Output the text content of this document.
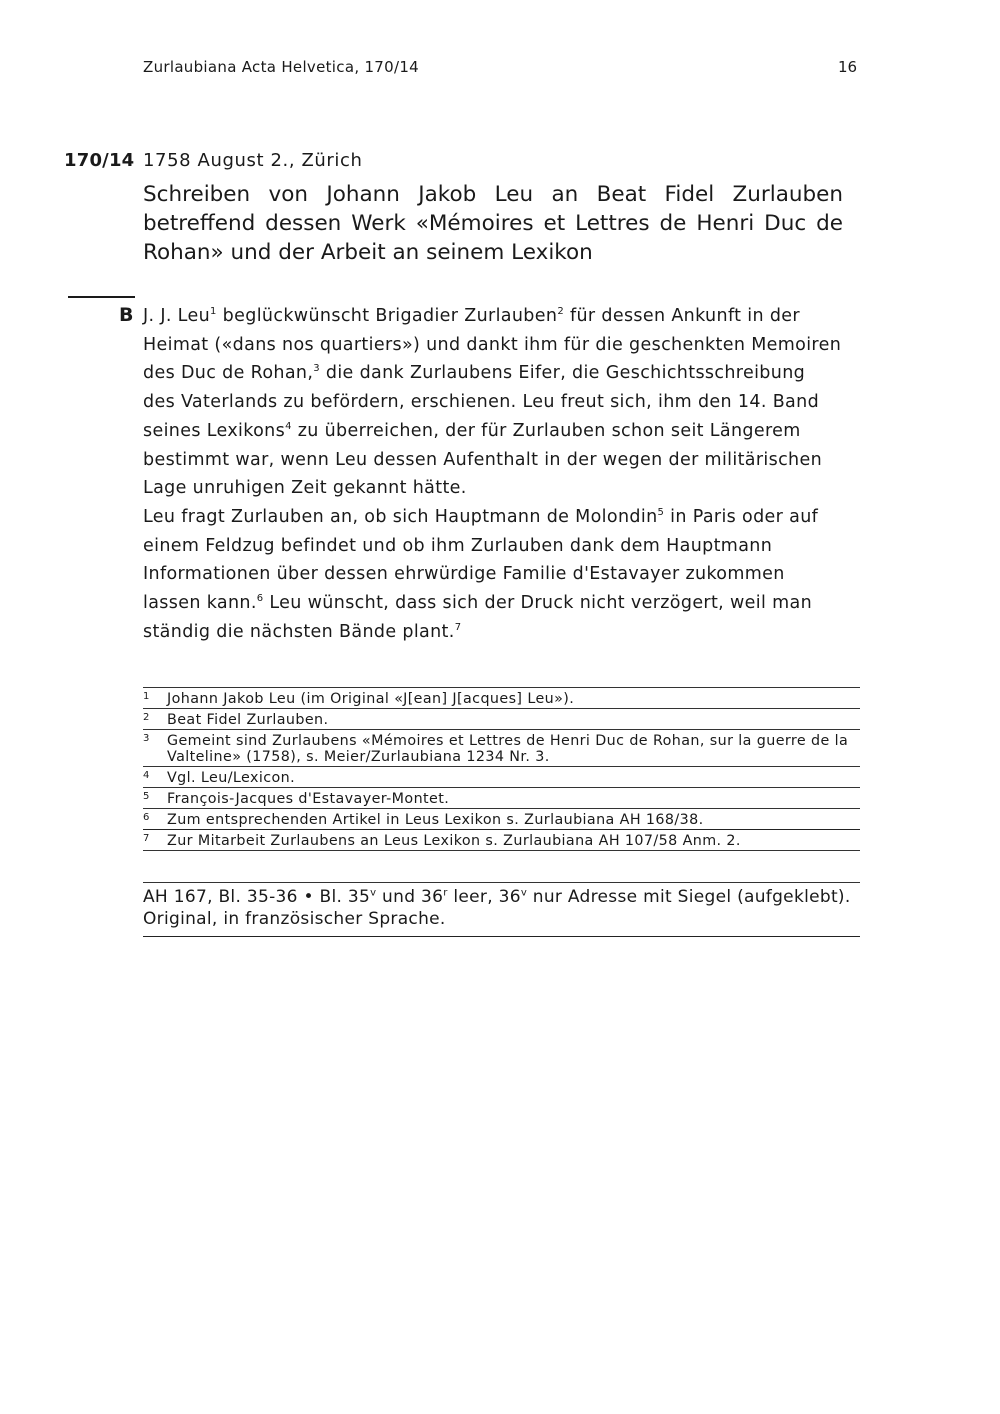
Zurlaubiana Acta Helvetica, 170/14	16
170/14 1758 August 2., Zürich
Schreiben von Johann Jakob Leu an Beat Fidel Zurlauben betreffend dessen Werk «Mémoires et Lettres de Henri Duc de Rohan» und der Arbeit an seinem Lexikon
B J. J. Leu$^1$ beglückwünscht Brigadier Zurlauben$^2$ für dessen Ankunft in der Heimat («dans nos quartiers») und dankt ihm für die geschenkten Memoiren des Duc de Rohan,$^3$ die dank Zurlaubens Eifer, die Geschichtsschreibung des Vaterlands zu befördern, erschienen. Leu freut sich, ihm den 14. Band seines Lexikons$^4$ zu überreichen, der für Zurlauben schon seit Längerem bestimmt war, wenn Leu dessen Aufenthalt in der wegen der militärischen Lage unruhigen Zeit gekannt hätte.

Leu fragt Zurlauben an, ob sich Hauptmann de Molondin$^5$ in Paris oder auf einem Feldzug befindet und ob ihm Zurlauben dank dem Hauptmann Informationen über dessen ehrwürdige Familie d'Estavayer zukommen lassen kann.$^6$ Leu wünscht, dass sich der Druck nicht verzögert, weil man ständig die nächsten Bände plant.$^7$

1	Johann Jakob Leu (im Original «J[ean] J[acques] Leu»).
2	Beat Fidel Zurlauben.
3	Gemeint sind Zurlaubens «Mémoires et Lettres de Henri Duc de Rohan, sur la guerre de la Valteline» (1758), s. Meier/Zurlaubiana 1234 Nr. 3.
4	Vgl. Leu/Lexicon.
5	François-Jacques d'Estavayer-Montet.
6	Zum entsprechenden Artikel in Leus Lexikon s. Zurlaubiana AH 168/38.
7	Zur Mitarbeit Zurlaubens an Leus Lexikon s. Zurlaubiana AH 107/58 Anm. 2.
AH 167, Bl. 35-36 • Bl. 35$^v$ und 36$^r$ leer, 36$^v$ nur Adresse mit Siegel (aufgeklebt).
Original, in französischer Sprache.
